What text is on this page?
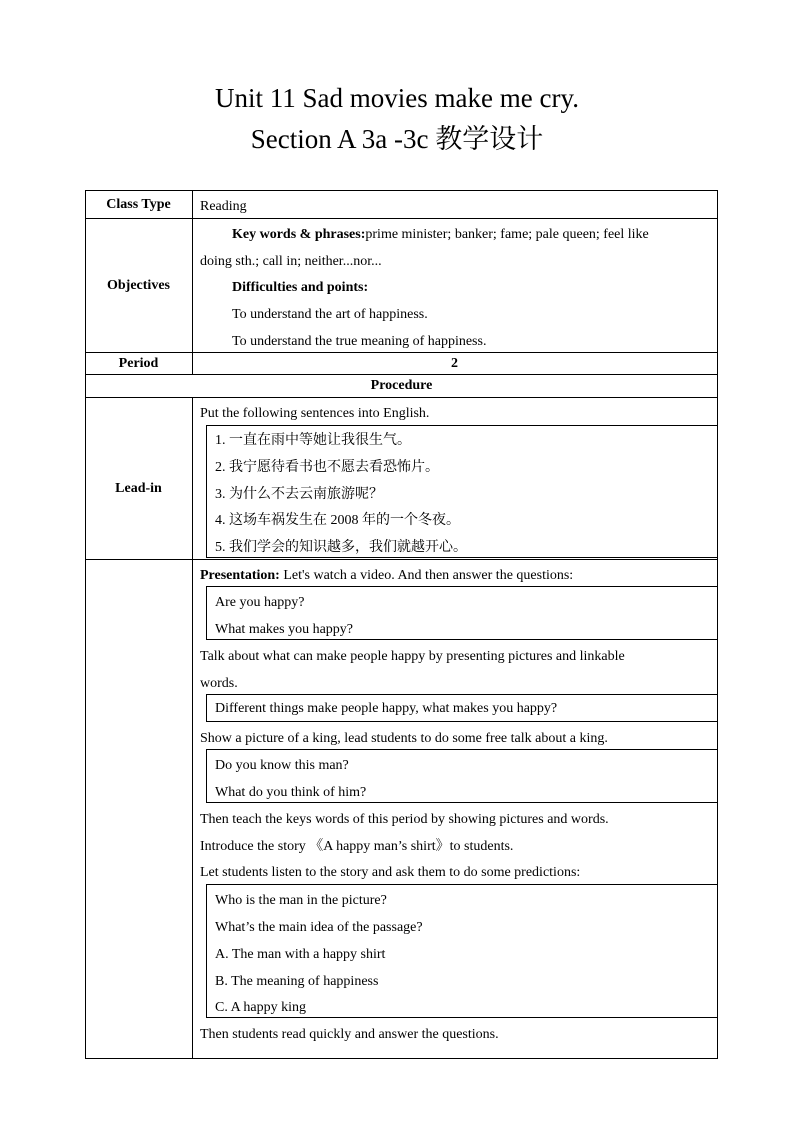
Unit 11 Sad movies make me cry.
Section A 3a -3c 教学设计
Class Type	Reading
Objectives
Key words & phrases:prime minister; banker; fame; pale queen; feel like
doing sth.; call in; neither...nor...
Difficulties and points:
To understand the art of happiness.
To understand the true meaning of happiness.
Period	2
Procedure
Lead-in
Put the following sentences into English.
1. 一直在雨中等她让我很生气。
2. 我宁愿待看书也不愿去看恐怖片。
3. 为什么不去云南旅游呢？
4. 这场车祸发生在 2008 年的一个冬夜。
5. 我们学会的知识越多，我们就越开心。
Presentation: Let's watch a video. And then answer the questions:
Are you happy?
What makes you happy?
Talk about what can make people happy by presenting pictures and linkable
words.
Different things make people happy, what makes you happy?
Show a picture of a king, lead students to do some free talk about a king.
Do you know this man?
What do you think of him?
Then teach the keys words of this period by showing pictures and words.
Introduce the story 《A happy man’s shirt》to students.
Let students listen to the story and ask them to do some predictions:
Who is the man in the picture?
What’s the main idea of the passage?
A. The man with a happy shirt
B. The meaning of happiness
C. A happy king
Then students read quickly and answer the questions.
